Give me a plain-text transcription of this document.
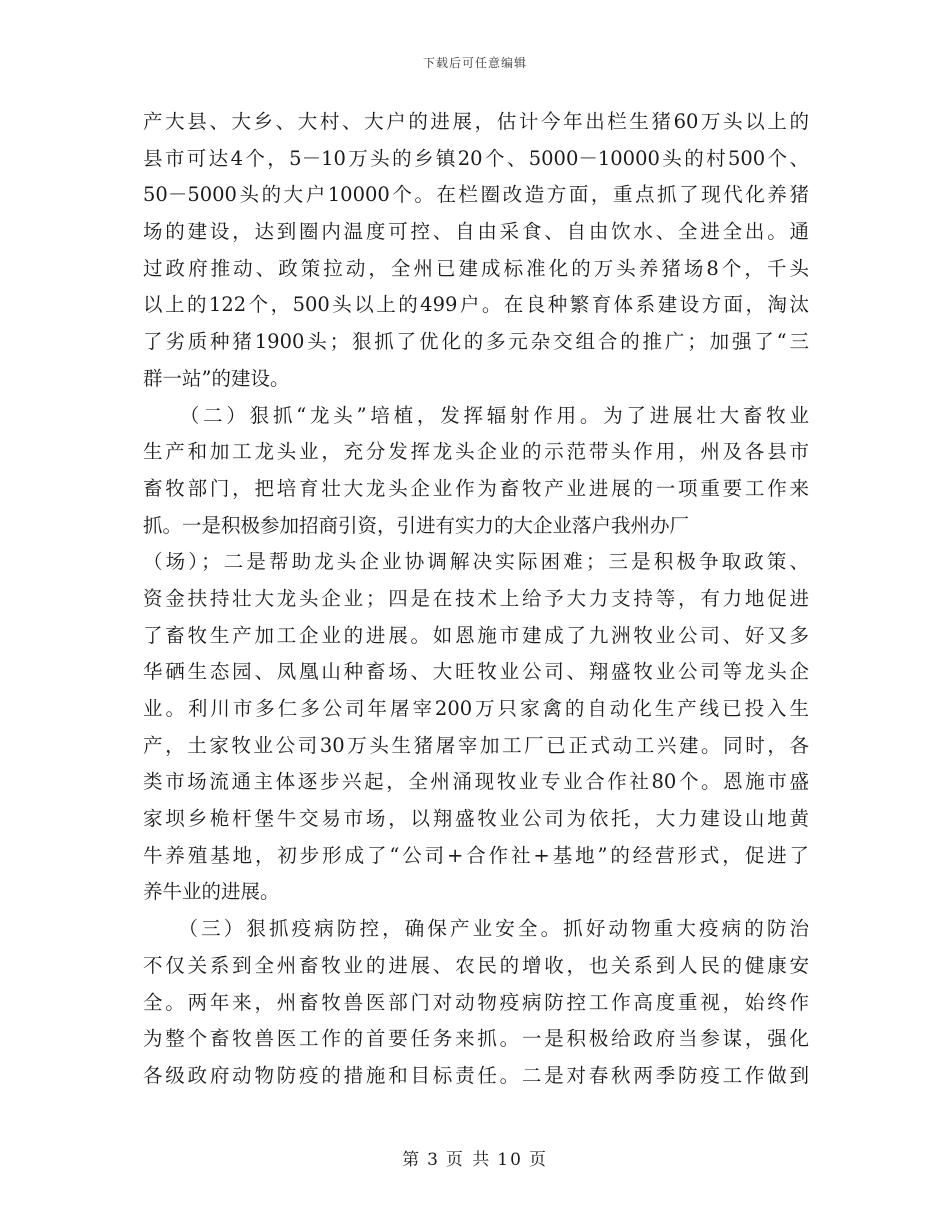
下载后可任意编辑
产大县、大乡、大村、大户的进展，估计今年出栏生猪60万头以上的
县市可达4个，5－10万头的乡镇20个、5000－10000头的村500个、
50－5000头的大户10000个。在栏圈改造方面，重点抓了现代化养猪
场的建设，达到圈内温度可控、自由采食、自由饮水、全进全出。通
过政府推动、政策拉动，全州已建成标准化的万头养猪场8个，千头
以上的122个，500头以上的499户。在良种繁育体系建设方面，淘汰
了劣质种猪1900头；狠抓了优化的多元杂交组合的推广；加强了“三
群一站”的建设。
　　（二）狠抓“龙头”培植，发挥辐射作用。为了进展壮大畜牧业
生产和加工龙头业，充分发挥龙头企业的示范带头作用，州及各县市
畜牧部门，把培育壮大龙头企业作为畜牧产业进展的一项重要工作来
抓。一是积极参加招商引资，引进有实力的大企业落户我州办厂
（场）；二是帮助龙头企业协调解决实际困难；三是积极争取政策、
资金扶持壮大龙头企业；四是在技术上给予大力支持等，有力地促进
了畜牧生产加工企业的进展。如恩施市建成了九洲牧业公司、好又多
华硒生态园、凤凰山种畜场、大旺牧业公司、翔盛牧业公司等龙头企
业。利川市多仁多公司年屠宰200万只家禽的自动化生产线已投入生
产，土家牧业公司30万头生猪屠宰加工厂已正式动工兴建。同时，各
类市场流通主体逐步兴起，全州涌现牧业专业合作社80个。恩施市盛
家坝乡桅杆堡牛交易市场，以翔盛牧业公司为依托，大力建设山地黄
牛养殖基地，初步形成了“公司+合作社+基地”的经营形式，促进了
养牛业的进展。
　　（三）狠抓疫病防控，确保产业安全。抓好动物重大疫病的防治
不仅关系到全州畜牧业的进展、农民的增收，也关系到人民的健康安
全。两年来，州畜牧兽医部门对动物疫病防控工作高度重视，始终作
为整个畜牧兽医工作的首要任务来抓。一是积极给政府当参谋，强化
各级政府动物防疫的措施和目标责任。二是对春秋两季防疫工作做到
第 3 页 共 10 页
